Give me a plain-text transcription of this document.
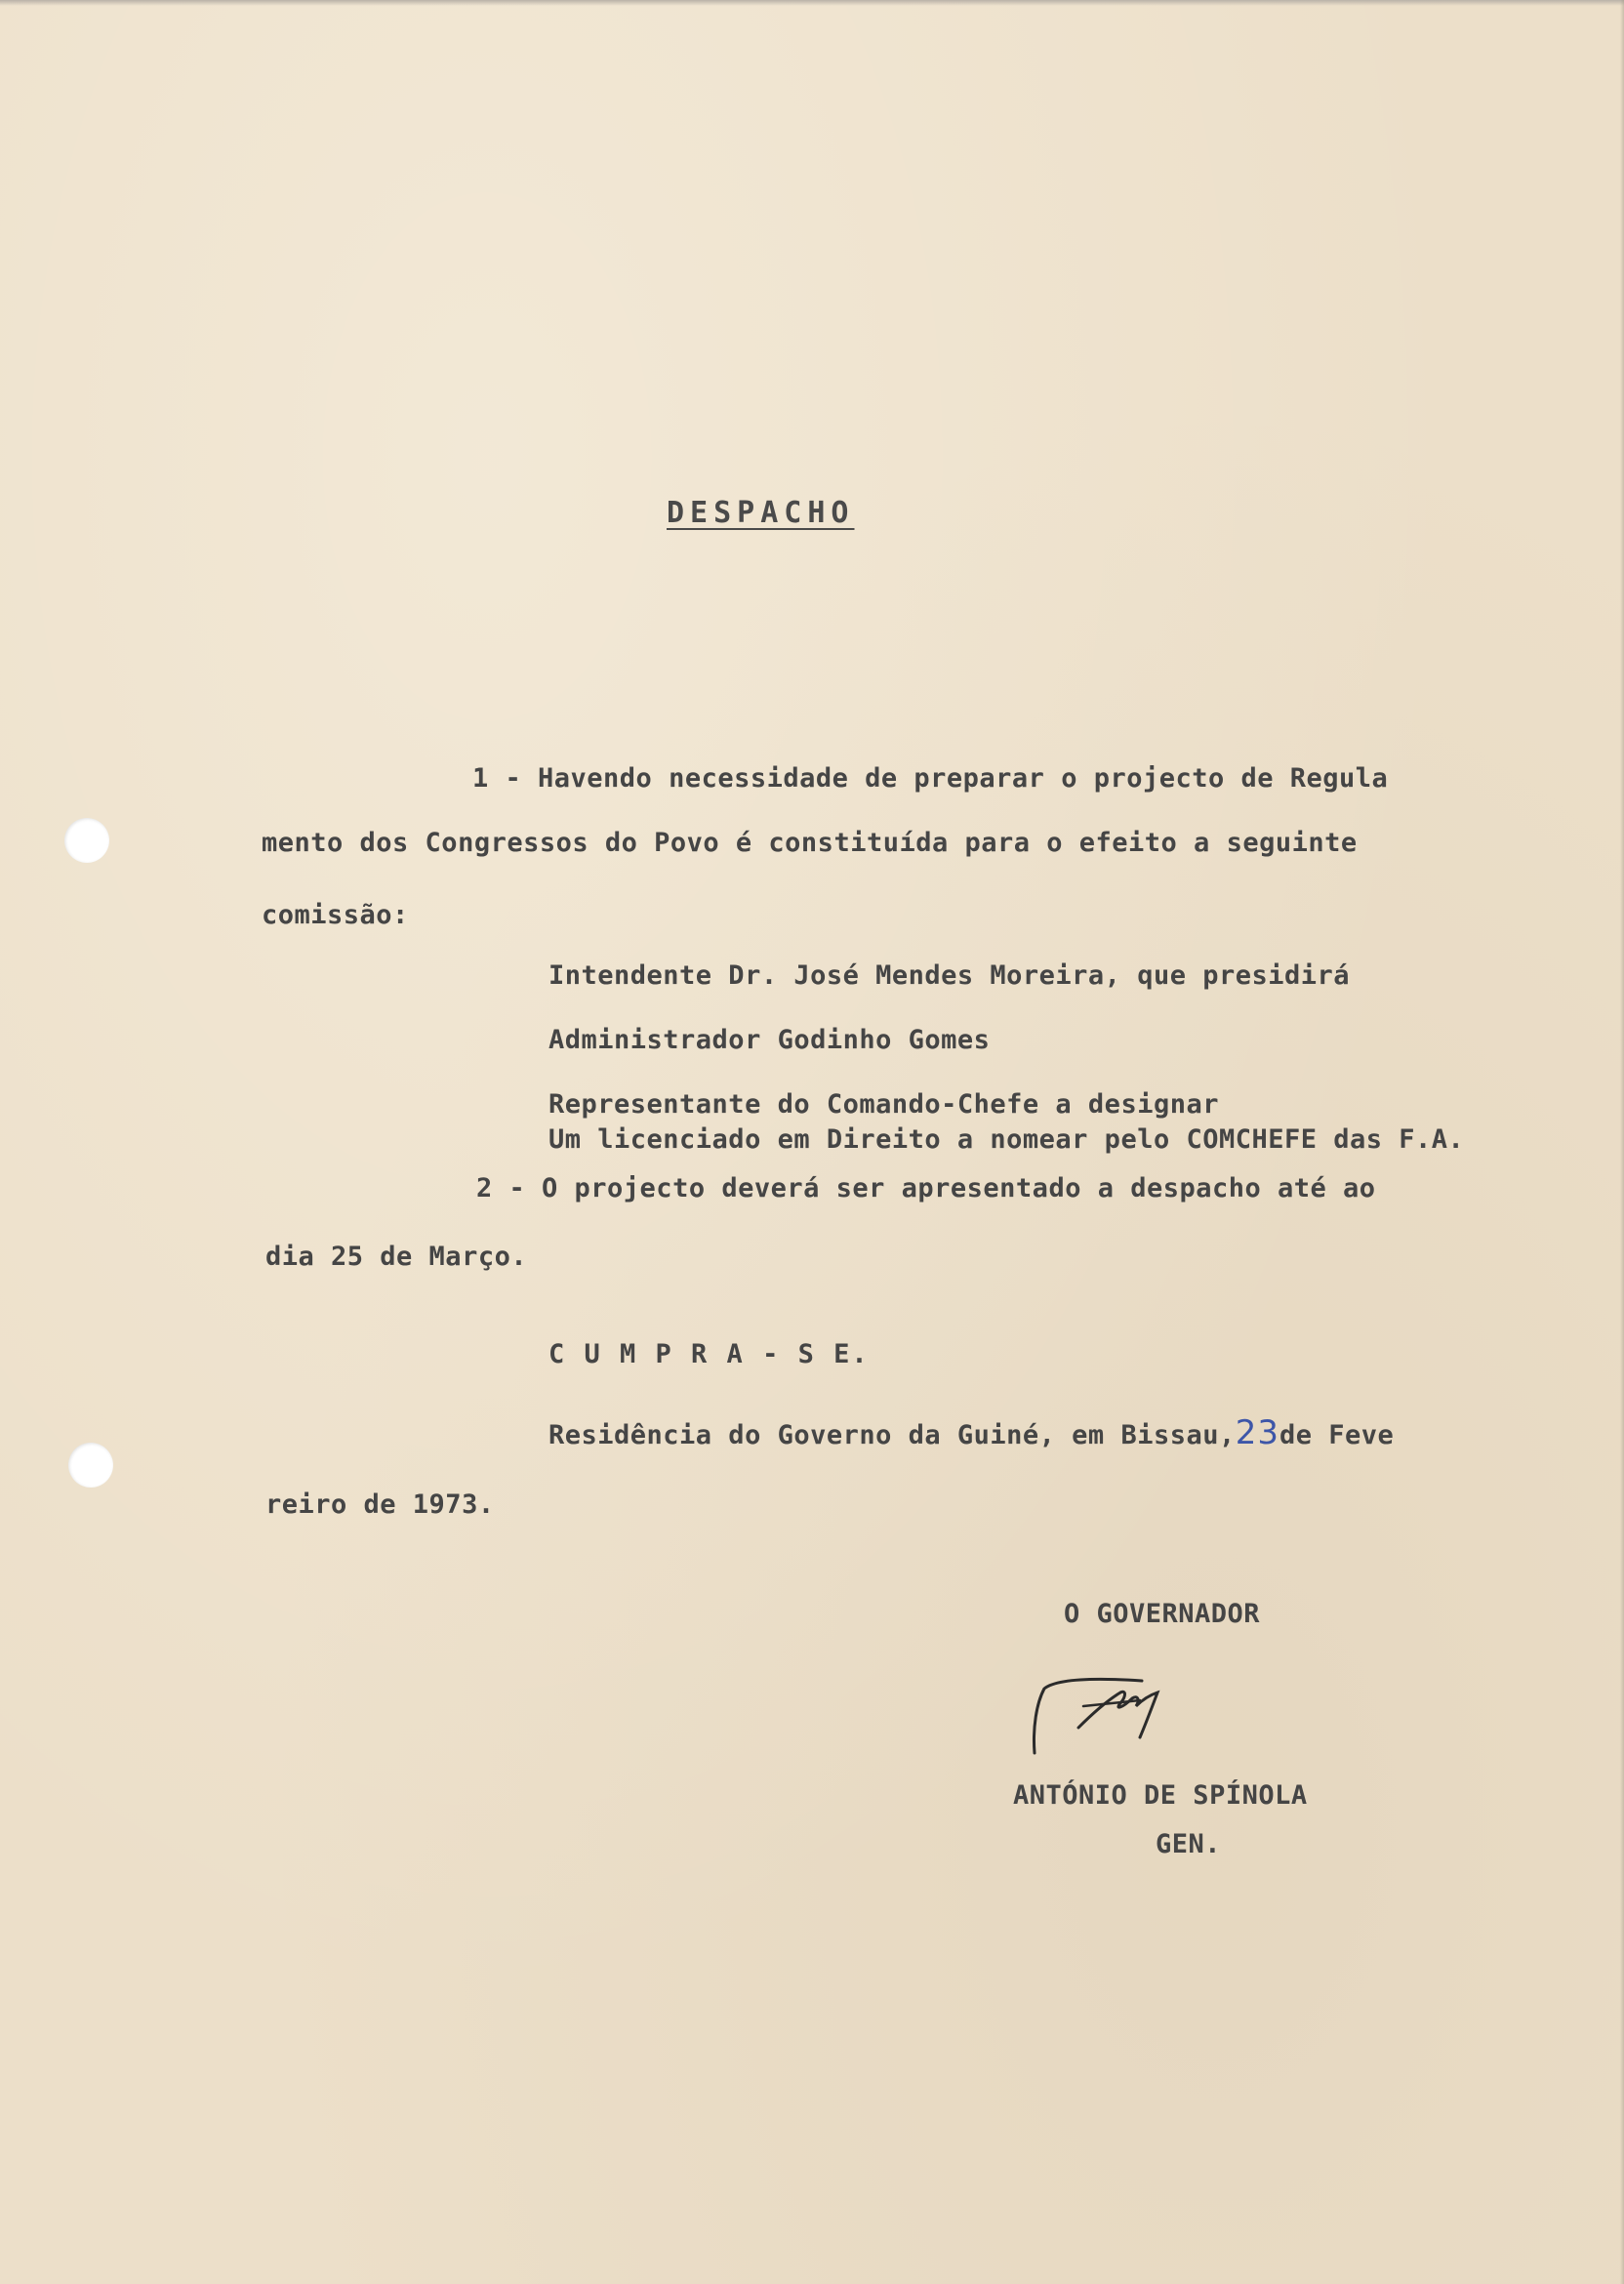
DESPACHO
1 - Havendo necessidade de preparar o projecto de Regula
mento dos Congressos do Povo é constituída para o efeito a seguinte
comissão:
Intendente Dr. José Mendes Moreira, que presidirá
Administrador Godinho Gomes
Representante do Comando-Chefe a designar
Um licenciado em Direito a nomear pelo COMCHEFE das F.A.
2 - O projecto deverá ser apresentado a despacho até ao
dia 25 de Março.
C U M P R A - S E.
Residência do Governo da Guiné, em Bissau,23de Feve
reiro de 1973.
O GOVERNADOR
ANTÓNIO DE SPÍNOLA
GEN.
